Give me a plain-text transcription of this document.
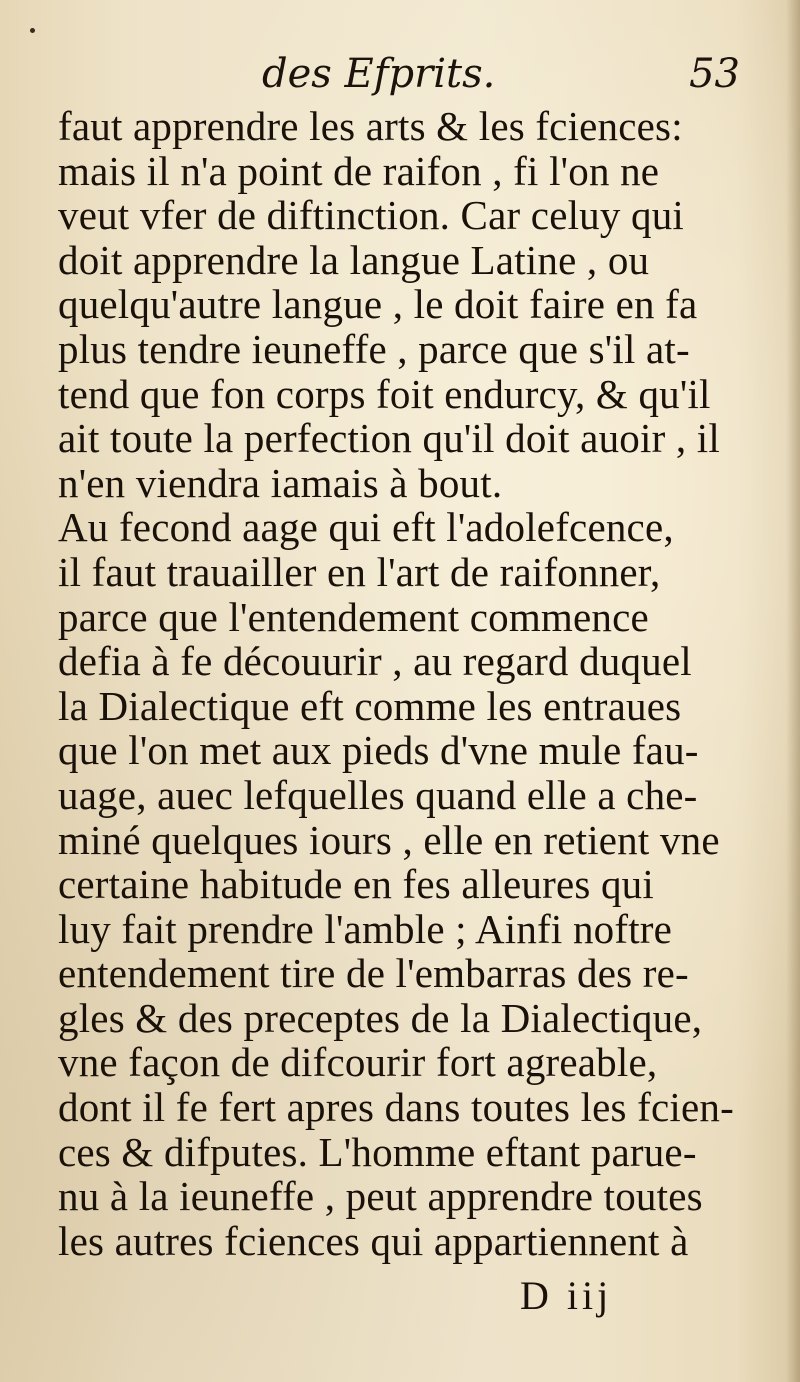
des Efprits.	53
faut apprendre les arts & les fciences:
mais il n'a point de raifon , fi l'on ne
veut vfer de diftinction. Car celuy qui
doit apprendre la langue Latine , ou
quelqu'autre langue , le doit faire en fa
plus tendre ieuneffe , parce que s'il at-
tend que fon corps foit endurcy, & qu'il
ait toute la perfection qu'il doit auoir , il
n'en viendra iamais à bout.
Au fecond aage qui eft l'adolefcence,
il faut trauailler en l'art de raifonner,
parce que l'entendement commence
defia à fe découurir , au regard duquel
la Dialectique eft comme les entraues
que l'on met aux pieds d'vne mule fau-
uage, auec lefquelles quand elle a che-
miné quelques iours , elle en retient vne
certaine habitude en fes alleures qui
luy fait prendre l'amble ; Ainfi noftre
entendement tire de l'embarras des re-
gles & des preceptes de la Dialectique,
vne façon de difcourir fort agreable,
dont il fe fert apres dans toutes les fcien-
ces & difputes. L'homme eftant parue-
nu à la ieuneffe , peut apprendre toutes
les autres fciences qui appartiennent à
D iij
